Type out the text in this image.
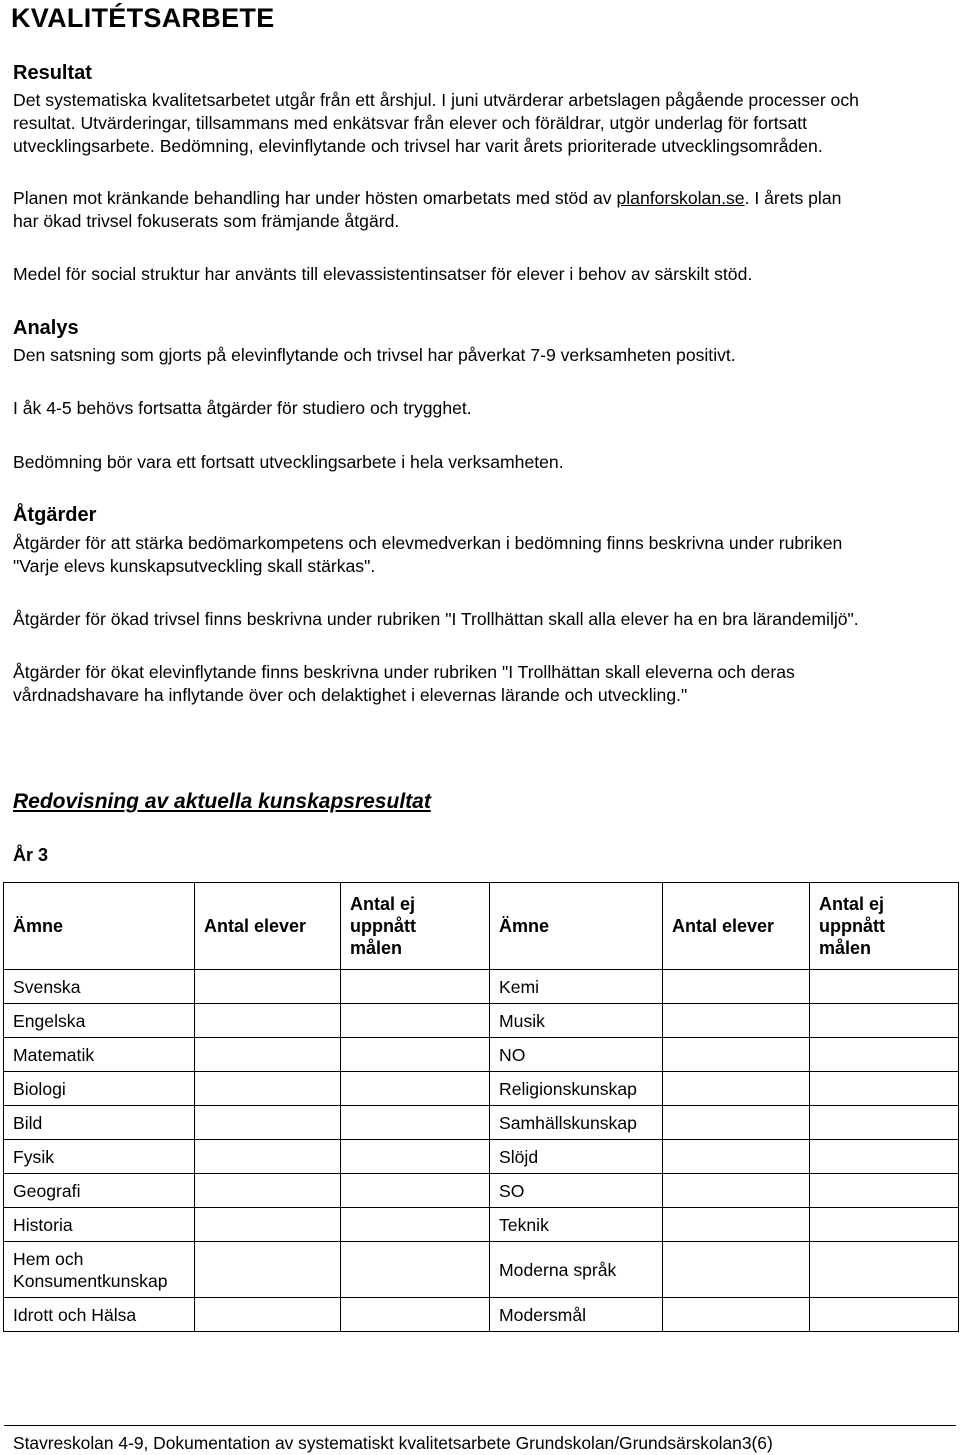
KVALITÉTSARBETE
Resultat
Det systematiska kvalitetsarbetet utgår från ett årshjul. I juni utvärderar arbetslagen pågående processer och
resultat. Utvärderingar, tillsammans med enkätsvar från elever och föräldrar, utgör underlag för fortsatt
utvecklingsarbete. Bedömning, elevinflytande och trivsel har varit årets prioriterade utvecklingsområden.
Planen mot kränkande behandling har under hösten omarbetats med stöd av planforskolan.se. I årets plan
har ökad trivsel fokuserats som främjande åtgärd.
Medel för social struktur har använts till elevassistentinsatser för elever i behov av särskilt stöd.
Analys
Den satsning som gjorts på elevinflytande och trivsel har påverkat 7-9 verksamheten positivt.
I åk 4-5 behövs fortsatta åtgärder för studiero och trygghet.
Bedömning bör vara ett fortsatt utvecklingsarbete i hela verksamheten.
Åtgärder
Åtgärder för att stärka bedömarkompetens och elevmedverkan i bedömning finns beskrivna under rubriken
"Varje elevs kunskapsutveckling skall stärkas".
Åtgärder för ökad trivsel finns beskrivna under rubriken "I Trollhättan skall alla elever ha en bra lärandemiljö".
Åtgärder för ökat elevinflytande finns beskrivna under rubriken "I Trollhättan skall eleverna och deras
vårdnadshavare ha inflytande över och delaktighet i elevernas lärande och utveckling."
Redovisning av aktuella kunskapsresultat
År 3
Ämne	Antal elever	Antal ej
uppnått
målen	Ämne	Antal elever	Antal ej
uppnått
målen
Svenska			Kemi		
Engelska			Musik		
Matematik			NO		
Biologi			Religionskunskap		
Bild			Samhällskunskap		
Fysik			Slöjd		
Geografi			SO		
Historia			Teknik		
Hem och
Konsumentkunskap			Moderna språk		
Idrott och Hälsa			Modersmål		
Stavreskolan 4-9, Dokumentation av systematiskt kvalitetsarbete Grundskolan/Grundsärskolan3(6)
